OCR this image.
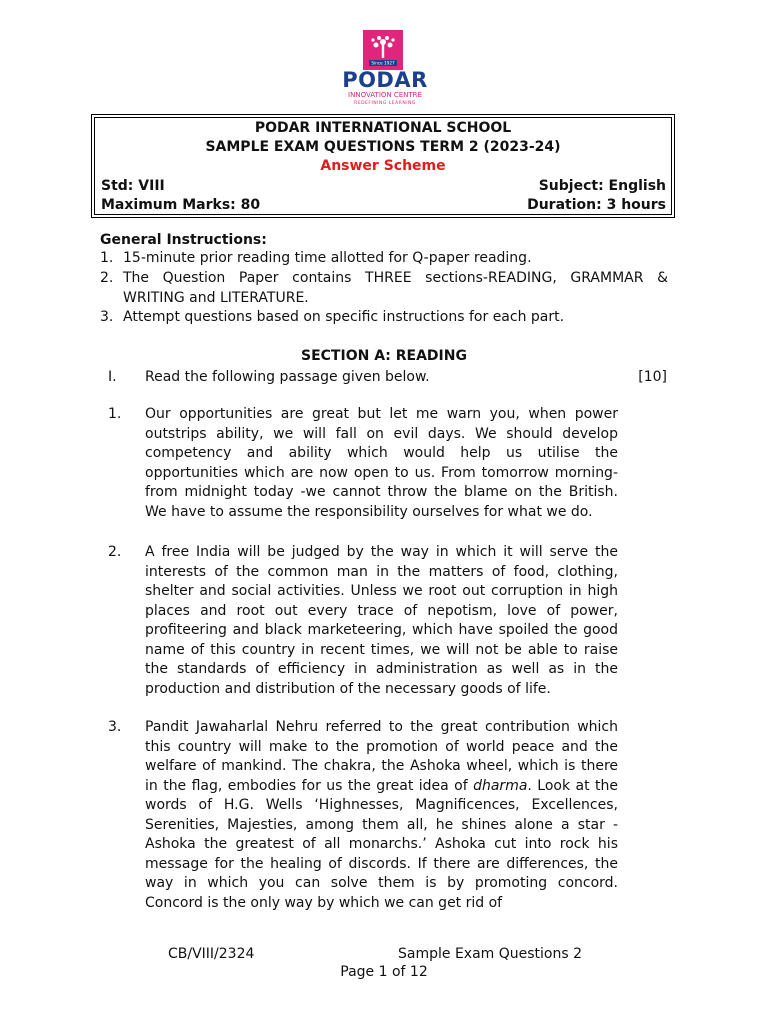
Since 1927
PODAR
INNOVATION CENTRE
REDEFINING LEARNING
PODAR INTERNATIONAL SCHOOL
SAMPLE EXAM QUESTIONS TERM 2 (2023-24)
Answer Scheme
Std: VIII	Subject: English
Maximum Marks: 80	Duration: 3 hours
General Instructions:
1. 15-minute prior reading time allotted for Q-paper reading.
2. The Question Paper contains THREE sections-READING, GRAMMAR & WRITING and LITERATURE.
3. Attempt questions based on specific instructions for each part.
SECTION A: READING
I. Read the following passage given below.	[10]
1. Our opportunities are great but let me warn you, when power outstrips ability, we will fall on evil days. We should develop competency and ability which would help us utilise the opportunities which are now open to us. From tomorrow morning-from midnight today -we cannot throw the blame on the British. We have to assume the responsibility ourselves for what we do.
2. A free India will be judged by the way in which it will serve the interests of the common man in the matters of food, clothing, shelter and social activities. Unless we root out corruption in high places and root out every trace of nepotism, love of power, profiteering and black marketeering, which have spoiled the good name of this country in recent times, we will not be able to raise the standards of efficiency in administration as well as in the production and distribution of the necessary goods of life.
3. Pandit Jawaharlal Nehru referred to the great contribution which this country will make to the promotion of world peace and the welfare of mankind. The chakra, the Ashoka wheel, which is there in the flag, embodies for us the great idea of dharma. Look at the words of H.G. Wells ‘Highnesses, Magnificences, Excellences, Serenities, Majesties, among them all, he shines alone a star -Ashoka the greatest of all monarchs.’ Ashoka cut into rock his message for the healing of discords. If there are differences, the way in which you can solve them is by promoting concord. Concord is the only way by which we can get rid of
CB/VIII/2324	Sample Exam Questions 2
Page 1 of 12
